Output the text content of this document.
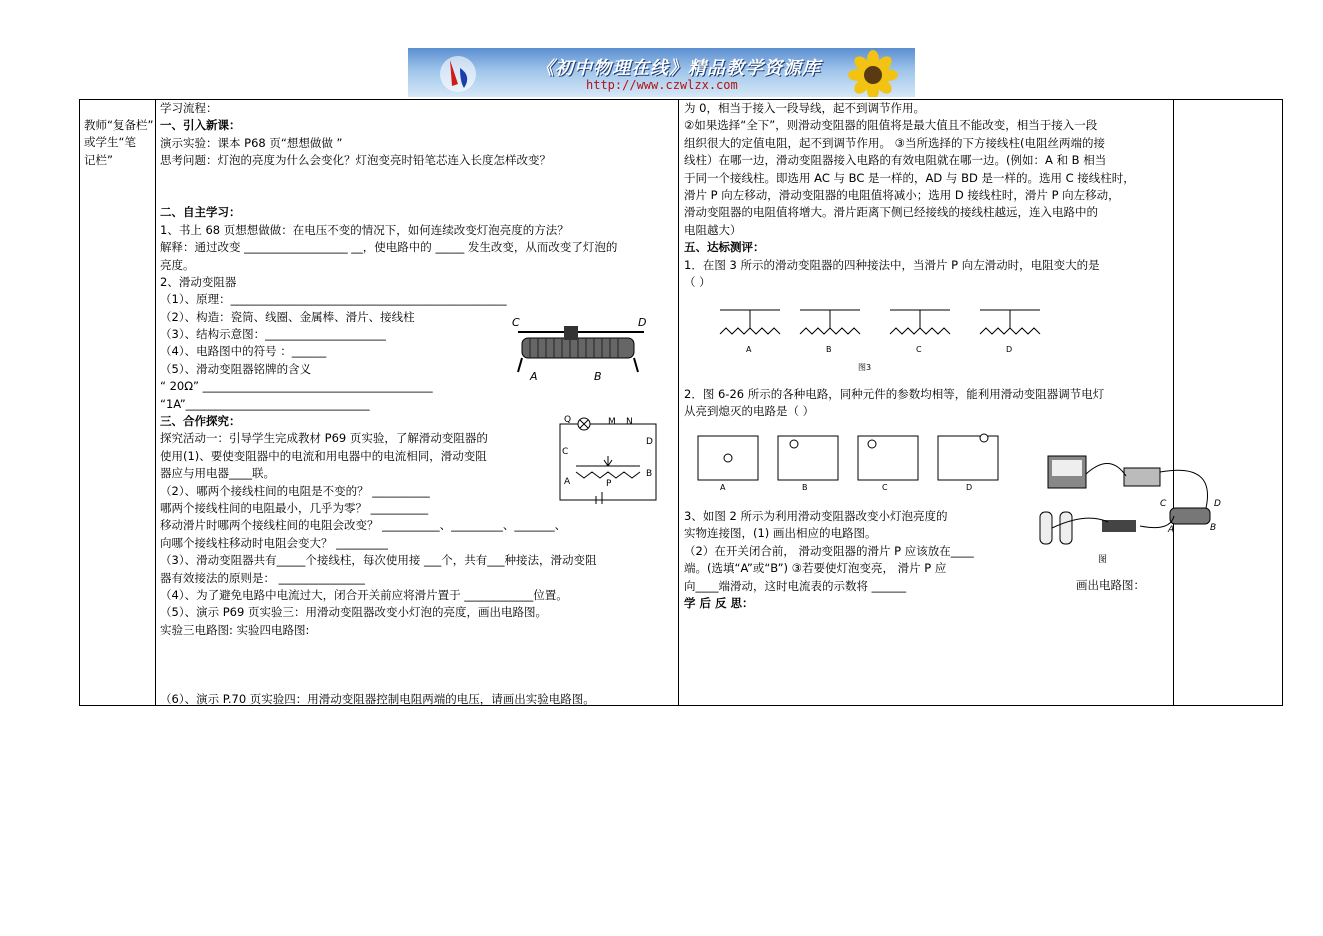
《初中物理在线》精品教学资源库
http://www.czwlzx.com
教师“复备栏”
或学生“笔
记栏”
学习流程：
一、引入新课：
演示实验：课本 P68 页“想想做做 ”
思考问题：灯泡的亮度为什么会变化？灯泡变亮时铅笔芯连入长度怎样改变？
二、自主学习：
1、书上 68 页想想做做：在电压不变的情况下，如何连续改变灯泡亮度的方法？
解释：通过改变 __________________ __，使电路中的 _____ 发生改变，从而改变了灯泡的
亮度。
2、滑动变阻器
（1）、原理：________________________________________________
（2）、构造：瓷筒、线圈、金属棒、滑片、接线柱
（3）、结构示意图：_____________________
（4）、电路图中的符号 ：______
（5）、滑动变阻器铭牌的含义
“ 20Ω” ________________________________________
“1A”________________________________
三、合作探究：
探究活动一：引导学生完成教材 P69 页实验，了解滑动变阻器的
使用(1)、要使变阻器中的电流和用电器中的电流相同，滑动变阻
器应与用电器____联。
（2）、哪两个接线柱间的电阻是不变的？ __________
哪两个接线柱间的电阻最小，几乎为零？ __________
移动滑片时哪两个接线柱间的电阻会改变？ __________、_________、_______、
向哪个接线柱移动时电阻会变大？ _________
（3）、滑动变阻器共有_____个接线柱，每次使用接 ___个，共有___种接法，滑动变阻
器有效接法的原则是： _______________
（4）、为了避免电路中电流过大，闭合开关前应将滑片置于 ____________位置。
（5）、演示 P69 页实验三：用滑动变阻器改变小灯泡的亮度，画出电路图。
实验三电路图: 实验四电路图:
（6）、演示 P.70 页实验四：用滑动变阻器控制电阻两端的电压，请画出实验电路图。
C	D
A	B
Q	M N
C
D
A
B
P
为 0，相当于接入一段导线，起不到调节作用。
②如果选择“全下”，则滑动变阻器的阻值将是最大值且不能改变，相当于接入一段
组织很大的定值电阻，起不到调节作用。 ③当所选择的下方接线柱(电阻丝两端的接
线柱）在哪一边，滑动变阻器接入电路的有效电阻就在哪一边。(例如：A 和 B 相当
于同一个接线柱。即选用 AC 与 BC 是一样的，AD 与 BD 是一样的。选用 C 接线柱时，
滑片 P 向左移动，滑动变阻器的电阻值将减小；选用 D 接线柱时，滑片 P 向左移动，
滑动变阻器的电阻值将增大。滑片距离下侧已经接线的接线柱越远，连入电路中的
电阻越大）
五、达标测评：
1．在图 3 所示的滑动变阻器的四种接法中，当滑片 P 向左滑动时，电阻变大的是
（ ）
A	B	C	D
图3
2．图 6-26 所示的各种电路，同种元件的参数均相等，能利用滑动变阻器调节电灯
从亮到熄灭的电路是（ ）
A	B	C	D
3、如图 2 所示为利用滑动变阻器改变小灯泡亮度的
实物连接图，(1) 画出相应的电路图。
（2）在开关闭合前， 滑动变阻器的滑片 P 应该放在____
端。(选填“A”或“B”) ③若要使灯泡变亮， 滑片 P 应
向____端滑动，这时电流表的示数将 ______
学 后 反 思：
画出电路图：
C	D
A	B
图
